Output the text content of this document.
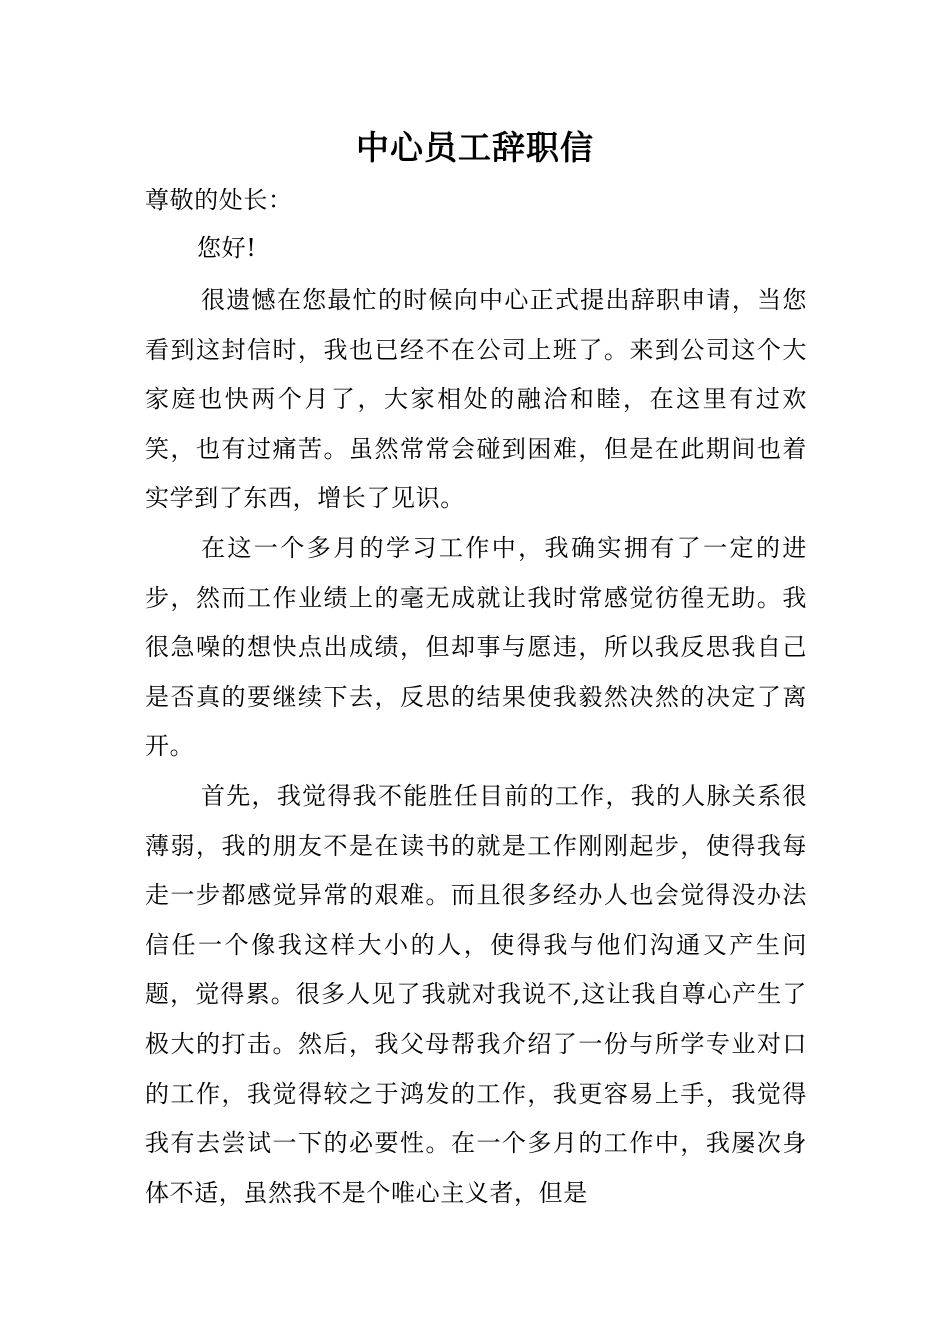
中心员工辞职信

尊敬的处长：

您好!

很遗憾在您最忙的时候向中心正式提出辞职申请，当您看到这封信时，我也已经不在公司上班了。来到公司这个大家庭也快两个月了，大家相处的融洽和睦，在这里有过欢笑，也有过痛苦。虽然常常会碰到困难，但是在此期间也着实学到了东西，增长了见识。

在这一个多月的学习工作中，我确实拥有了一定的进步，然而工作业绩上的毫无成就让我时常感觉彷徨无助。我很急噪的想快点出成绩，但却事与愿违，所以我反思我自己是否真的要继续下去，反思的结果使我毅然决然的决定了离开。

首先，我觉得我不能胜任目前的工作，我的人脉关系很薄弱，我的朋友不是在读书的就是工作刚刚起步，使得我每走一步都感觉异常的艰难。而且很多经办人也会觉得没办法信任一个像我这样大小的人，使得我与他们沟通又产生问题，觉得累。很多人见了我就对我说不,这让我自尊心产生了极大的打击。然后，我父母帮我介绍了一份与所学专业对口的工作，我觉得较之于鸿发的工作，我更容易上手，我觉得我有去尝试一下的必要性。在一个多月的工作中，我屡次身体不适，虽然我不是个唯心主义者，但是
